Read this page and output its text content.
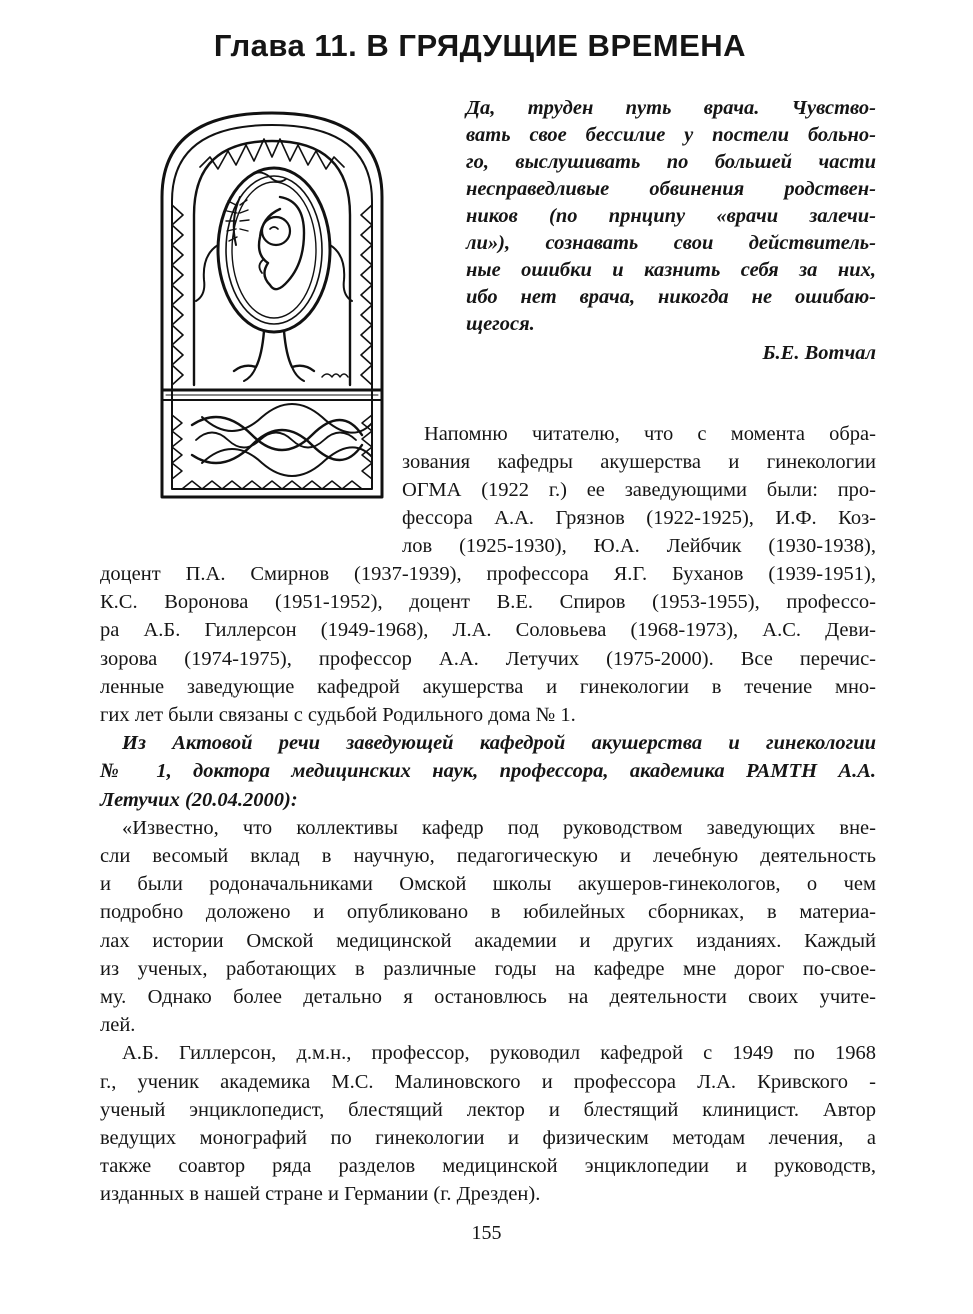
Глава 11. В ГРЯДУЩИЕ ВРЕМЕНА
Да, труден путь врача. Чувство-
вать свое бессилие у постели больно-
го, выслушивать по большей части
несправедливые обвинения родствен-
ников (по прнципу «врачи залечи-
ли»), сознавать свои действитель-
ные ошибки и казнить себя за них,
ибо нет врача, никогда не ошибаю-
щегося.
Б.Е. Вотчал
Напомню читателю, что с момента обра-
зования кафедры акушерства и гинекологии
ОГМА (1922 г.) ее заведующими были: про-
фессора А.А. Грязнов (1922-1925), И.Ф. Коз-
лов (1925-1930), Ю.А. Лейбчик (1930-1938),
доцент П.А. Смирнов (1937-1939), профессора Я.Г. Буханов (1939-1951),
К.С. Воронова (1951-1952), доцент В.Е. Спиров (1953-1955), профессо-
ра А.Б. Гиллерсон (1949-1968), Л.А. Соловьева (1968-1973), А.С. Деви-
зорова (1974-1975), профессор А.А. Летучих (1975-2000). Все перечис-
ленные заведующие кафедрой акушерства и гинекологии в течение мно-
гих лет были связаны с судьбой Родильного дома № 1.
Из Актовой речи заведующей кафедрой акушерства и гинекологии
№ 1, доктора медицинских наук, профессора, академика РАМТН А.А.
Летучих (20.04.2000):
«Известно, что коллективы кафедр под руководством заведующих вне-
сли весомый вклад в научную, педагогическую и лечебную деятельность
и были родоначальниками Омской школы акушеров-гинекологов, о чем
подробно доложено и опубликовано в юбилейных сборниках, в материа-
лах истории Омской медицинской академии и других изданиях. Каждый
из ученых, работающих в различные годы на кафедре мне дорог по-свое-
му. Однако более детально я остановлюсь на деятельности своих учите-
лей.
А.Б. Гиллерсон, д.м.н., профессор, руководил кафедрой с 1949 по 1968
г., ученик академика М.С. Малиновского и профессора Л.А. Кривского -
ученый энциклопедист, блестящий лектор и блестящий клиницист. Автор
ведущих монографий по гинекологии и физическим методам лечения, а
также соавтор ряда разделов медицинской энциклопедии и руководств,
изданных в нашей стране и Германии (г. Дрезден).
155
